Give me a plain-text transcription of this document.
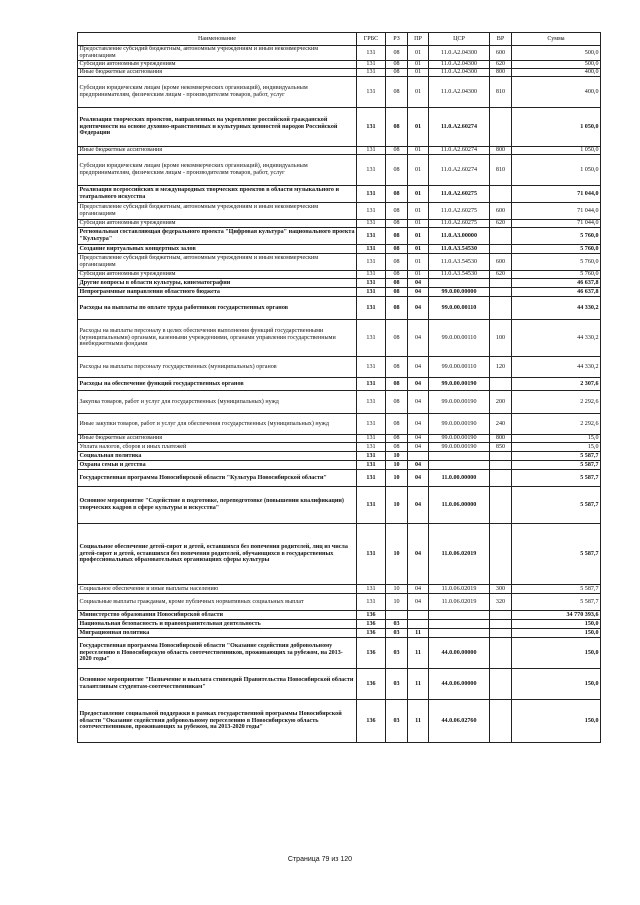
Наименование	ГРБС	РЗ	ПР	ЦСР	ВР	Сумма
Предоставление субсидий бюджетным, автономным учреждениям и иным некоммерческим организациям	131	08	01	11.0.A2.04300	600	500,0
Субсидии автономным учреждениям	131	08	01	11.0.A2.04300	620	500,0
Иные бюджетные ассигнования	131	08	01	11.0.A2.04300	800	400,0
Субсидии юридическим лицам (кроме некоммерческих организаций), индивидуальным предпринимателям, физическим лицам - производителям товаров, работ, услуг	131	08	01	11.0.A2.04300	810	400,0
Реализация творческих проектов, направленных на укрепление российской гражданской идентичности на основе духовно-нравственных и культурных ценностей народов Российской Федерации	131	08	01	11.0.A2.60274		1 050,0
Иные бюджетные ассигнования	131	08	01	11.0.A2.60274	800	1 050,0
Субсидии юридическим лицам (кроме некоммерческих организаций), индивидуальным предпринимателям, физическим лицам - производителям товаров, работ, услуг	131	08	01	11.0.A2.60274	810	1 050,0
Реализация всероссийских и международных творческих проектов в области музыкального и театрального искусства	131	08	01	11.0.A2.60275		71 044,0
Предоставление субсидий бюджетным, автономным учреждениям и иным некоммерческим организациям	131	08	01	11.0.A2.60275	600	71 044,0
Субсидии автономным учреждениям	131	08	01	11.0.A2.60275	620	71 044,0
Региональная составляющая федерального проекта "Цифровая культура" национального проекта "Культура"	131	08	01	11.0.A3.00000		5 760,0
Создание виртуальных концертных залов	131	08	01	11.0.A3.54530		5 760,0
Предоставление субсидий бюджетным, автономным учреждениям и иным некоммерческим организациям	131	08	01	11.0.A3.54530	600	5 760,0
Субсидии автономным учреждениям	131	08	01	11.0.A3.54530	620	5 760,0
Другие вопросы в области культуры, кинематографии	131	08	04			46 637,8
Непрограммные направления областного бюджета	131	08	04	99.0.00.00000		46 637,8
Расходы на выплаты по оплате труда работников государственных органов	131	08	04	99.0.00.00110		44 330,2
Расходы на выплаты персоналу в целях обеспечения выполнения функций государственными (муниципальными) органами, казенными учреждениями, органами управления государственными внебюджетными фондами	131	08	04	99.0.00.00110	100	44 330,2
Расходы на выплаты персоналу государственных (муниципальных) органов	131	08	04	99.0.00.00110	120	44 330,2
Расходы на обеспечение функций государственных органов	131	08	04	99.0.00.00190		2 307,6
Закупка товаров, работ и услуг для государственных (муниципальных) нужд	131	08	04	99.0.00.00190	200	2 292,6
Иные закупки товаров, работ и услуг для обеспечения государственных (муниципальных) нужд	131	08	04	99.0.00.00190	240	2 292,6
Иные бюджетные ассигнования	131	08	04	99.0.00.00190	800	15,0
Уплата налогов, сборов и иных платежей	131	08	04	99.0.00.00190	850	15,0
Социальная политика	131	10				5 587,7
Охрана семьи и детства	131	10	04			5 587,7
Государственная программа Новосибирской области "Культура Новосибирской области"	131	10	04	11.0.00.00000		5 587,7
Основное мероприятие "Содействие в подготовке, переподготовке (повышении квалификации) творческих кадров в сфере культуры и искусства"	131	10	04	11.0.06.00000		5 587,7
Социальное обеспечение детей-сирот и детей, оставшихся без попечения родителей, лиц из числа детей-сирот и детей, оставшихся без попечения родителей, обучающихся в государственных профессиональных образовательных организациях сферы культуры	131	10	04	11.0.06.02019		5 587,7
Социальное обеспечение и иные выплаты населению	131	10	04	11.0.06.02019	300	5 587,7
Социальные выплаты гражданам, кроме публичных нормативных социальных выплат	131	10	04	11.0.06.02019	320	5 587,7
Министерство образования Новосибирской области	136					34 770 393,6
Национальная безопасность и правоохранительная деятельность	136	03				150,0
Миграционная политика	136	03	11			150,0
Государственная программа Новосибирской области "Оказание содействия добровольному переселению в Новосибирскую область соотечественников, проживающих за рубежом, на 2013-2020 годы"	136	03	11	44.0.00.00000		150,0
Основное мероприятие "Назначение и выплата стипендий Правительства Новосибирской области талантливым студентам-соотечественникам"	136	03	11	44.0.06.00000		150,0
Предоставление социальной поддержки в рамках государственной программы Новосибирской области "Оказание содействия добровольному переселению в Новосибирскую область соотечественников, проживающих за рубежом, на 2013-2020 годы"	136	03	11	44.0.06.02760		150,0
Страница 79 из 120
